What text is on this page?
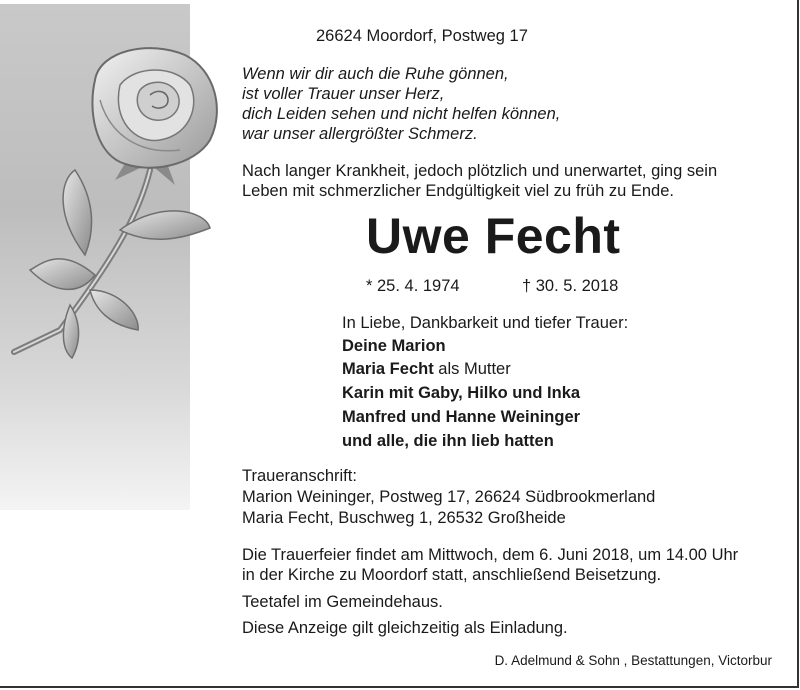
26624 Moordorf, Postweg 17
Wenn wir dir auch die Ruhe gönnen,
ist voller Trauer unser Herz,
dich Leiden sehen und nicht helfen können,
war unser allergrößter Schmerz.
Nach langer Krankheit, jedoch plötzlich und unerwartet, ging sein
Leben mit schmerzlicher Endgültigkeit viel zu früh zu Ende.
Uwe Fecht
* 25. 4. 1974	† 30. 5. 2018
In Liebe, Dankbarkeit und tiefer Trauer:
Deine Marion
Maria Fecht als Mutter
Karin mit Gaby, Hilko und Inka
Manfred und Hanne Weininger
und alle, die ihn lieb hatten
Traueranschrift:
Marion Weininger, Postweg 17, 26624 Südbrookmerland
Maria Fecht, Buschweg 1, 26532 Großheide
Die Trauerfeier findet am Mittwoch, dem 6. Juni 2018, um 14.00 Uhr
in der Kirche zu Moordorf statt, anschließend Beisetzung.
Teetafel im Gemeindehaus.
Diese Anzeige gilt gleichzeitig als Einladung.
D. Adelmund & Sohn , Bestattungen, Victorbur
